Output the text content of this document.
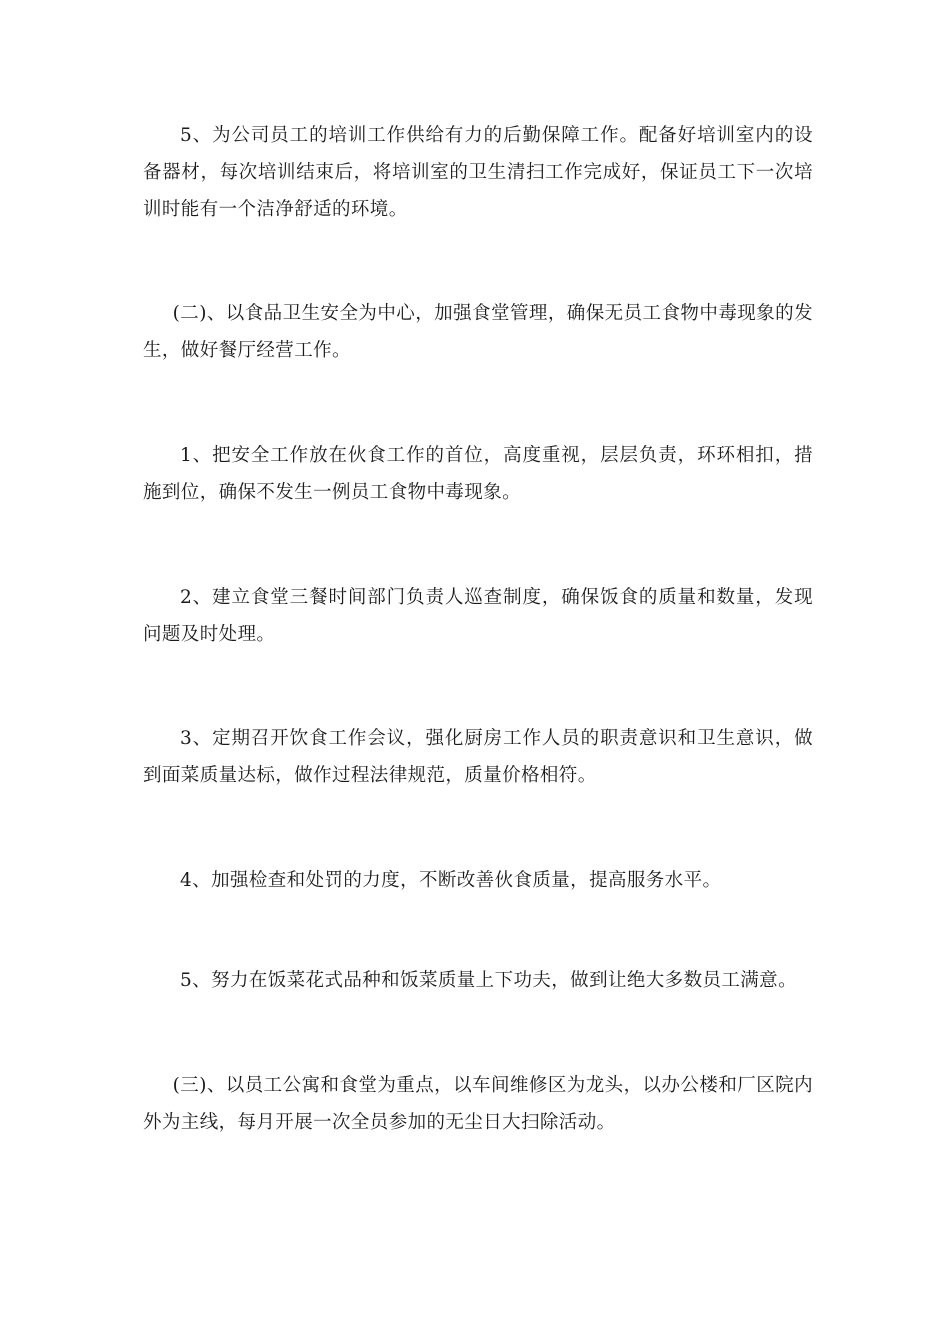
5、为公司员工的培训工作供给有力的后勤保障工作。配备好培训室内的设备器材，每次培训结束后，将培训室的卫生清扫工作完成好，保证员工下一次培训时能有一个洁净舒适的环境。

(二)、以食品卫生安全为中心，加强食堂管理，确保无员工食物中毒现象的发生，做好餐厅经营工作。

1、把安全工作放在伙食工作的首位，高度重视，层层负责，环环相扣，措施到位，确保不发生一例员工食物中毒现象。

2、建立食堂三餐时间部门负责人巡查制度，确保饭食的质量和数量，发现问题及时处理。

3、定期召开饮食工作会议，强化厨房工作人员的职责意识和卫生意识，做到面菜质量达标，做作过程法律规范，质量价格相符。

4、加强检查和处罚的力度，不断改善伙食质量，提高服务水平。

5、努力在饭菜花式品种和饭菜质量上下功夫，做到让绝大多数员工满意。

(三)、以员工公寓和食堂为重点，以车间维修区为龙头，以办公楼和厂区院内外为主线，每月开展一次全员参加的无尘日大扫除活动。
